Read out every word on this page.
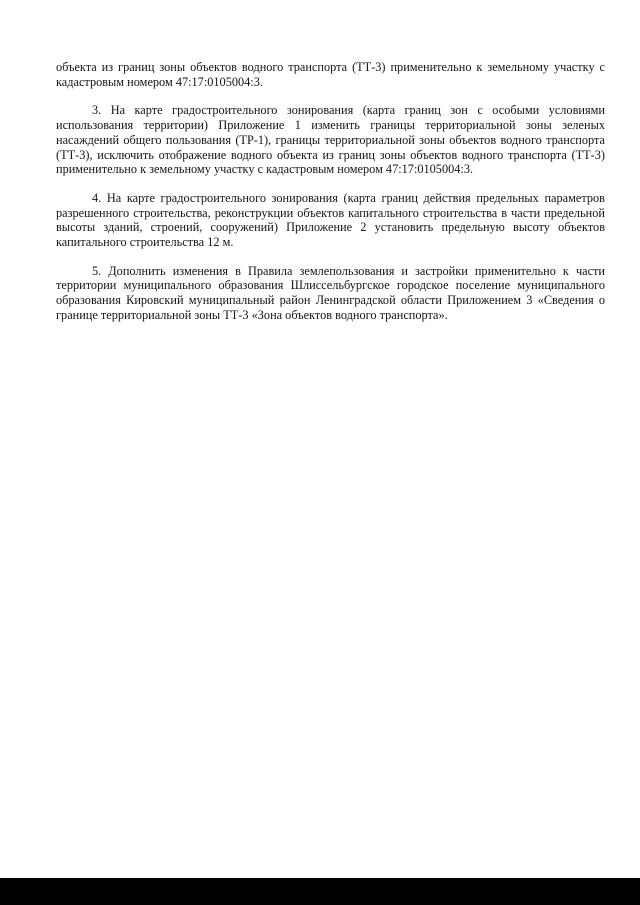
объекта из границ зоны объектов водного транспорта (ТТ-3) применительно к земельному участку с кадастровым номером 47:17:0105004:3.

3. На карте градостроительного зонирования (карта границ зон с особыми условиями использования территории) Приложение 1 изменить границы территориальной зоны зеленых насаждений общего пользования (ТР-1), границы территориальной зоны объектов водного транспорта (ТТ-3), исключить отображение водного объекта из границ зоны объектов водного транспорта (ТТ-3) применительно к земельному участку с кадастровым номером 47:17:0105004:3.

4. На карте градостроительного зонирования (карта границ действия предельных параметров разрешенного строительства, реконструкции объектов капитального строительства в части предельной высоты зданий, строений, сооружений) Приложение 2 установить предельную высоту объектов капитального строительства 12 м.

5. Дополнить изменения в Правила землепользования и застройки применительно к части территории муниципального образования Шлиссельбургское городское поселение муниципального образования Кировский муниципальный район Ленинградской области Приложением 3 «Сведения о границе территориальной зоны ТТ-3 «Зона объектов водного транспорта».
